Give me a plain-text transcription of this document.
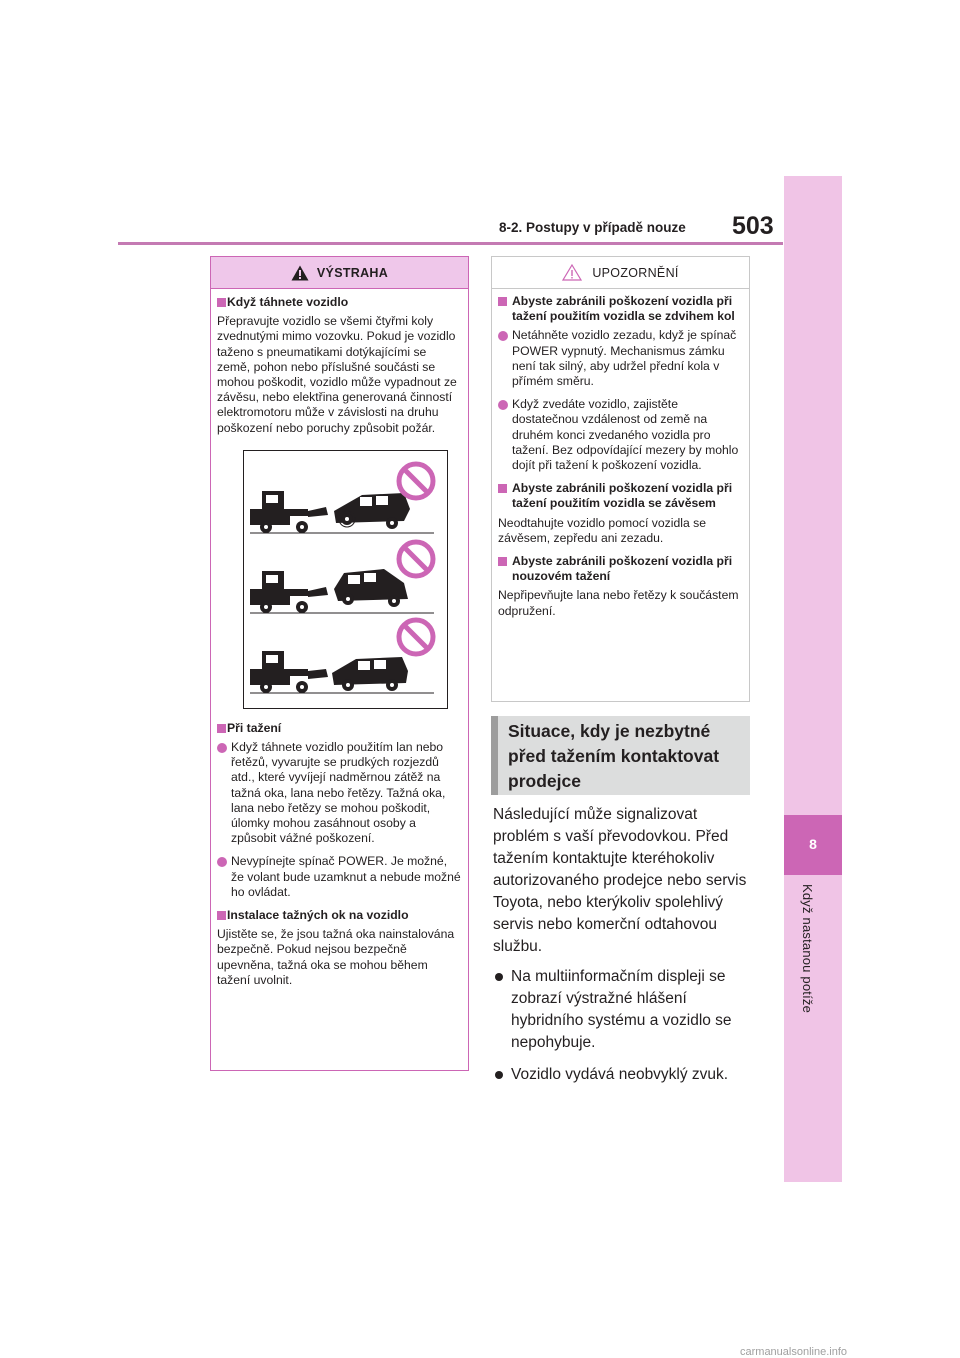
8-2. Postupy v případě nouze 503
8
Když nastanou potíže
VÝSTRAHA
Když táhnete vozidlo
Přepravujte vozidlo se všemi čtyřmi koly zvednutými mimo vozovku. Pokud je vozidlo taženo s pneumatikami dotýkajícími se země, pohon nebo příslušné součásti se mohou poškodit, vozidlo může vypadnout ze závěsu, nebo elektřina generovaná činností elektromotoru může v závislosti na druhu poškození nebo poruchy způsobit požár.
Při tažení
Když táhnete vozidlo použitím lan nebo řetězů, vyvarujte se prudkých rozjezdů atd., které vyvíjejí nadměrnou zátěž na tažná oka, lana nebo řetězy. Tažná oka, lana nebo řetězy se mohou poškodit, úlomky mohou zasáhnout osoby a způsobit vážné poškození.
Nevypínejte spínač POWER. Je možné, že volant bude uzamknut a nebude možné ho ovládat.
Instalace tažných ok na vozidlo
Ujistěte se, že jsou tažná oka nainstalována bezpečně. Pokud nejsou bezpečně upevněna, tažná oka se mohou během tažení uvolnit.
UPOZORNĚNÍ
Abyste zabránili poškození vozidla při tažení použitím vozidla se zdvihem kol
Netáhněte vozidlo zezadu, když je spínač POWER vypnutý. Mechanismus zámku není tak silný, aby udržel přední kola v přímém směru.
Když zvedáte vozidlo, zajistěte dostatečnou vzdálenost od země na druhém konci zvedaného vozidla pro tažení. Bez odpovídající mezery by mohlo dojít při tažení k poškození vozidla.
Abyste zabránili poškození vozidla při tažení použitím vozidla se závěsem
Neodtahujte vozidlo pomocí vozidla se závěsem, zepředu ani zezadu.
Abyste zabránili poškození vozidla při nouzovém tažení
Nepřipevňujte lana nebo řetězy k součástem odpružení.
Situace, kdy je nezbytné
před tažením kontaktovat
prodejce
Následující může signalizovat problém s vaší převodovkou. Před tažením kontaktujte kteréhokoliv autorizovaného prodejce nebo servis Toyota, nebo kterýkoliv spolehlivý servis nebo komerční odtahovou službu.
Na multiinformačním displeji se zobrazí výstražné hlášení hybridního systému a vozidlo se nepohybuje.
Vozidlo vydává neobvyklý zvuk.
carmanualsonline.info
